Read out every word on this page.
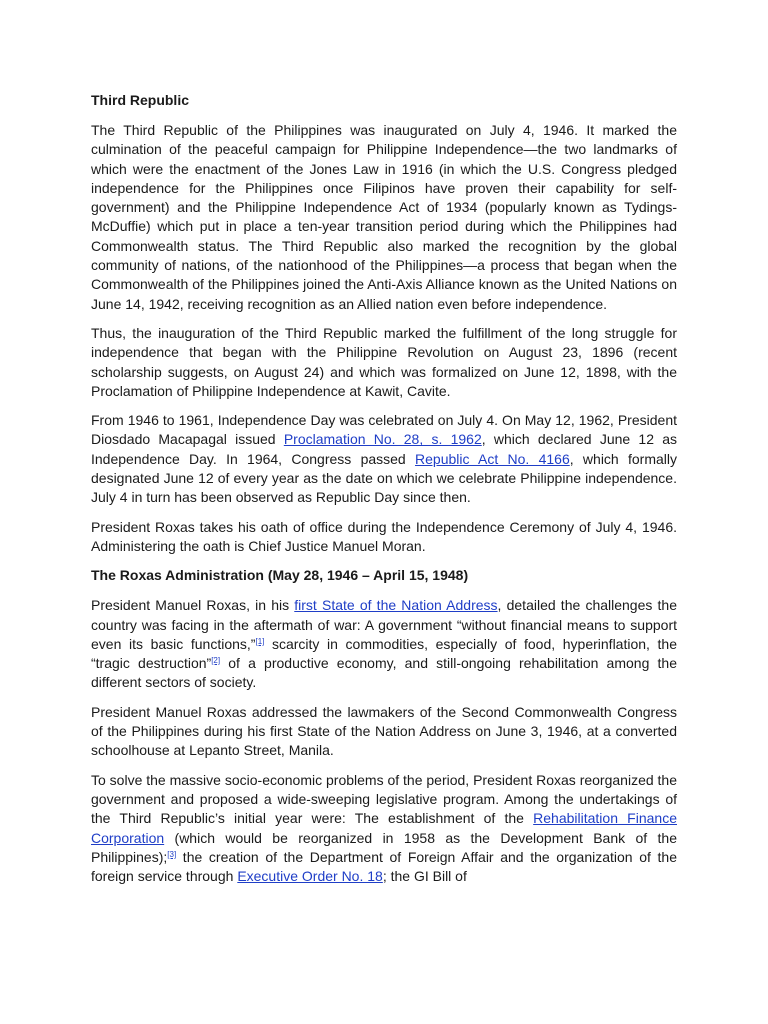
Third Republic

The Third Republic of the Philippines was inaugurated on July 4, 1946. It marked the culmination of the peaceful campaign for Philippine Independence—the two landmarks of which were the enactment of the Jones Law in 1916 (in which the U.S. Congress pledged independence for the Philippines once Filipinos have proven their capability for self-government) and the Philippine Independence Act of 1934 (popularly known as Tydings-McDuffie) which put in place a ten-year transition period during which the Philippines had Commonwealth status. The Third Republic also marked the recognition by the global community of nations, of the nationhood of the Philippines—a process that began when the Commonwealth of the Philippines joined the Anti-Axis Alliance known as the United Nations on June 14, 1942, receiving recognition as an Allied nation even before independence.

Thus, the inauguration of the Third Republic marked the fulfillment of the long struggle for independence that began with the Philippine Revolution on August 23, 1896 (recent scholarship suggests, on August 24) and which was formalized on June 12, 1898, with the Proclamation of Philippine Independence at Kawit, Cavite.

From 1946 to 1961, Independence Day was celebrated on July 4. On May 12, 1962, President Diosdado Macapagal issued Proclamation No. 28, s. 1962, which declared June 12 as Independence Day. In 1964, Congress passed Republic Act No. 4166, which formally designated June 12 of every year as the date on which we celebrate Philippine independence. July 4 in turn has been observed as Republic Day since then.

President Roxas takes his oath of office during the Independence Ceremony of July 4, 1946. Administering the oath is Chief Justice Manuel Moran.

The Roxas Administration (May 28, 1946 – April 15, 1948)

President Manuel Roxas, in his first State of the Nation Address, detailed the challenges the country was facing in the aftermath of war: A government “without financial means to support even its basic functions,”[1] scarcity in commodities, especially of food, hyperinflation, the “tragic destruction”[2] of a productive economy, and still-ongoing rehabilitation among the different sectors of society.

President Manuel Roxas addressed the lawmakers of the Second Commonwealth Congress of the Philippines during his first State of the Nation Address on June 3, 1946, at a converted schoolhouse at Lepanto Street, Manila.

To solve the massive socio-economic problems of the period, President Roxas reorganized the government and proposed a wide-sweeping legislative program. Among the undertakings of the Third Republic’s initial year were: The establishment of the Rehabilitation Finance Corporation (which would be reorganized in 1958 as the Development Bank of the Philippines);[3] the creation of the Department of Foreign Affair and the organization of the foreign service through Executive Order No. 18; the GI Bill of
